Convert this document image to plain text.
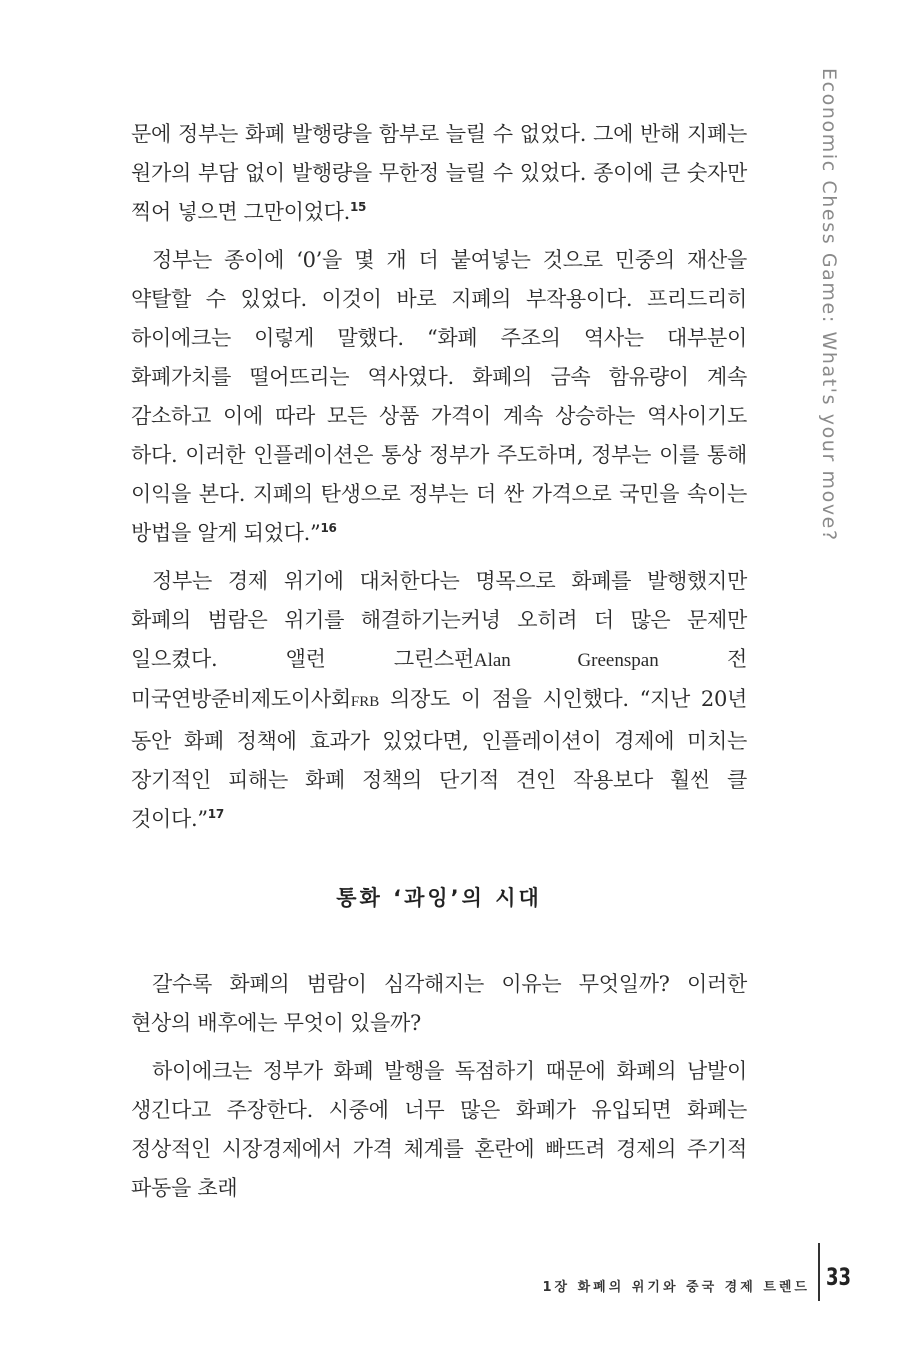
Economic Chess Game: What's your move?

문에 정부는 화폐 발행량을 함부로 늘릴 수 없었다. 그에 반해 지폐는 원가의 부담 없이 발행량을 무한정 늘릴 수 있었다. 종이에 큰 숫자만 찍어 넣으면 그만이었다.$^{15}$

정부는 종이에 ‘0’을 몇 개 더 붙여넣는 것으로 민중의 재산을 약탈할 수 있었다. 이것이 바로 지폐의 부작용이다. 프리드리히 하이에크는 이렇게 말했다. “화폐 주조의 역사는 대부분이 화폐가치를 떨어뜨리는 역사였다. 화폐의 금속 함유량이 계속 감소하고 이에 따라 모든 상품 가격이 계속 상승하는 역사이기도 하다. 이러한 인플레이션은 통상 정부가 주도하며, 정부는 이를 통해 이익을 본다. 지폐의 탄생으로 정부는 더 싼 가격으로 국민을 속이는 방법을 알게 되었다.”$^{16}$

정부는 경제 위기에 대처한다는 명목으로 화폐를 발행했지만 화폐의 범람은 위기를 해결하기는커녕 오히려 더 많은 문제만 일으켰다. 앨런 그린스펀Alan Greenspan 전 미국연방준비제도이사회FRB 의장도 이 점을 시인했다. “지난 20년 동안 화폐 정책에 효과가 있었다면, 인플레이션이 경제에 미치는 장기적인 피해는 화폐 정책의 단기적 견인 작용보다 훨씬 클 것이다.”$^{17}$

통화 ‘과잉’의 시대

갈수록 화폐의 범람이 심각해지는 이유는 무엇일까? 이러한 현상의 배후에는 무엇이 있을까?

하이에크는 정부가 화폐 발행을 독점하기 때문에 화폐의 남발이 생긴다고 주장한다. 시중에 너무 많은 화폐가 유입되면 화폐는 정상적인 시장경제에서 가격 체계를 혼란에 빠뜨려 경제의 주기적 파동을 초래

1장 화폐의 위기와 중국 경제 트렌드 33
